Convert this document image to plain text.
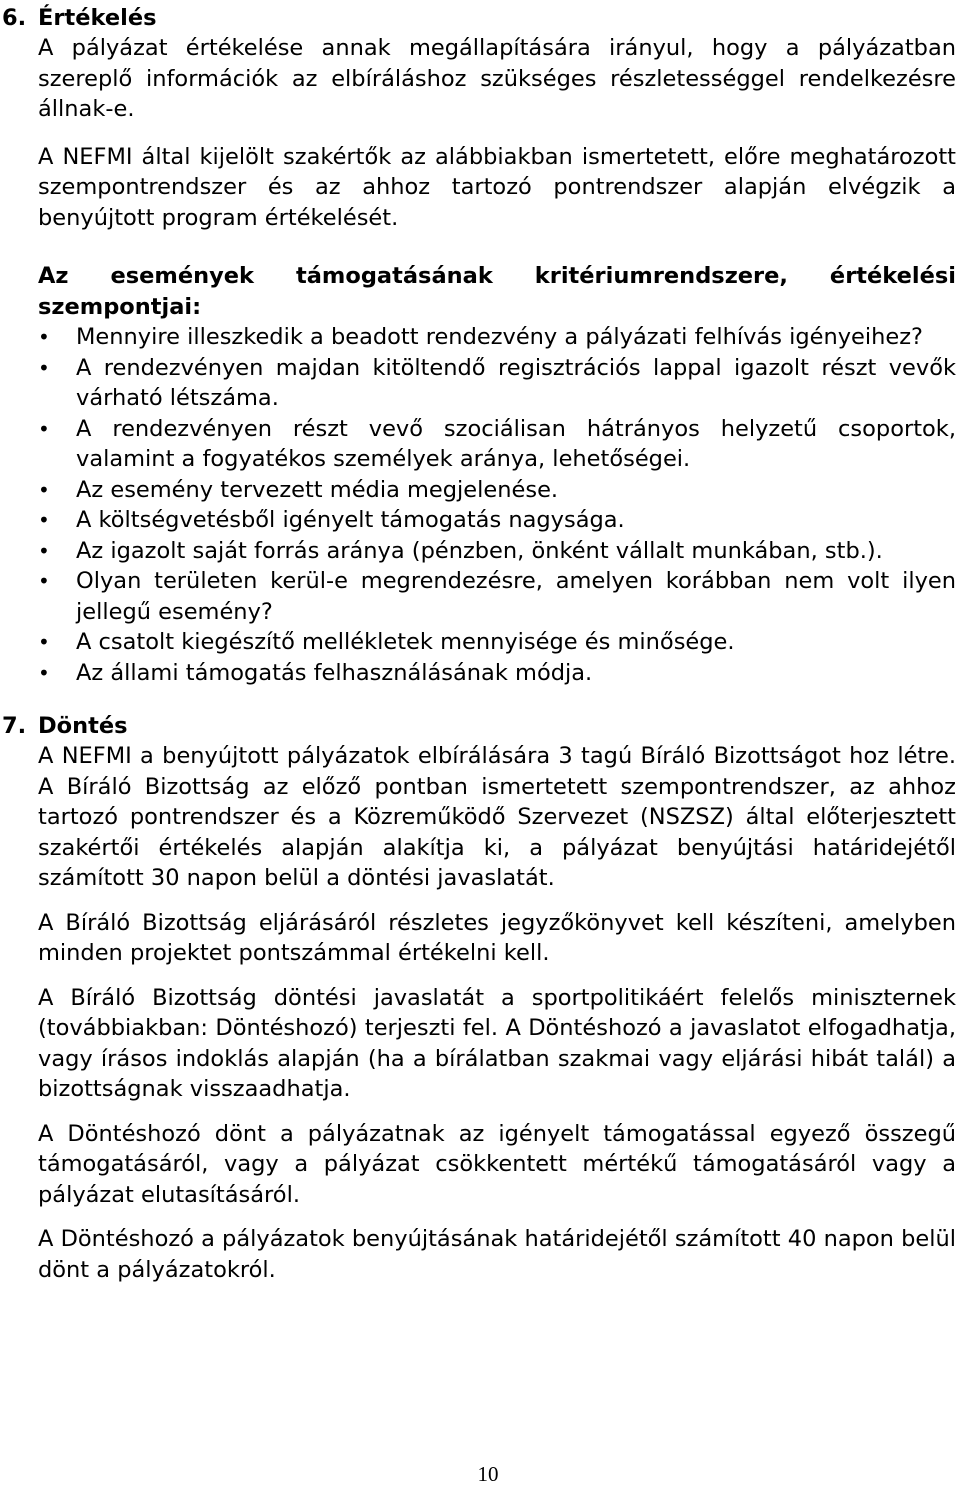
6. Értékelés

A pályázat értékelése annak megállapítására irányul, hogy a pályázatban szereplő információk az elbíráláshoz szükséges részletességgel rendelkezésre állnak-e.

A NEFMI által kijelölt szakértők az alábbiakban ismertetett, előre meghatározott szempontrendszer és az ahhoz tartozó pontrendszer alapján elvégzik a benyújtott program értékelését.

Az események támogatásának kritériumrendszere, értékelési szempontjai:

• Mennyire illeszkedik a beadott rendezvény a pályázati felhívás igényeihez?
• A rendezvényen majdan kitöltendő regisztrációs lappal igazolt részt vevők várható létszáma.
• A rendezvényen részt vevő szociálisan hátrányos helyzetű csoportok, valamint a fogyatékos személyek aránya, lehetőségei.
• Az esemény tervezett média megjelenése.
• A költségvetésből igényelt támogatás nagysága.
• Az igazolt saját forrás aránya (pénzben, önként vállalt munkában, stb.).
• Olyan területen kerül-e megrendezésre, amelyen korábban nem volt ilyen jellegű esemény?
• A csatolt kiegészítő mellékletek mennyisége és minősége.
• Az állami támogatás felhasználásának módja.
7. Döntés

A NEFMI a benyújtott pályázatok elbírálására 3 tagú Bíráló Bizottságot hoz létre. A Bíráló Bizottság az előző pontban ismertetett szempontrendszer, az ahhoz tartozó pontrendszer és a Közreműködő Szervezet (NSZSZ) által előterjesztett szakértői értékelés alapján alakítja ki, a pályázat benyújtási határidejétől számított 30 napon belül a döntési javaslatát.

A Bíráló Bizottság eljárásáról részletes jegyzőkönyvet kell készíteni, amelyben minden projektet pontszámmal értékelni kell.

A Bíráló Bizottság döntési javaslatát a sportpolitikáért felelős miniszternek (továbbiakban: Döntéshozó) terjeszti fel. A Döntéshozó a javaslatot elfogadhatja, vagy írásos indoklás alapján (ha a bírálatban szakmai vagy eljárási hibát talál) a bizottságnak visszaadhatja.

A Döntéshozó dönt a pályázatnak az igényelt támogatással egyező összegű támogatásáról, vagy a pályázat csökkentett mértékű támogatásáról vagy a pályázat elutasításáról.

A Döntéshozó a pályázatok benyújtásának határidejétől számított 40 napon belül dönt a pályázatokról.

10
